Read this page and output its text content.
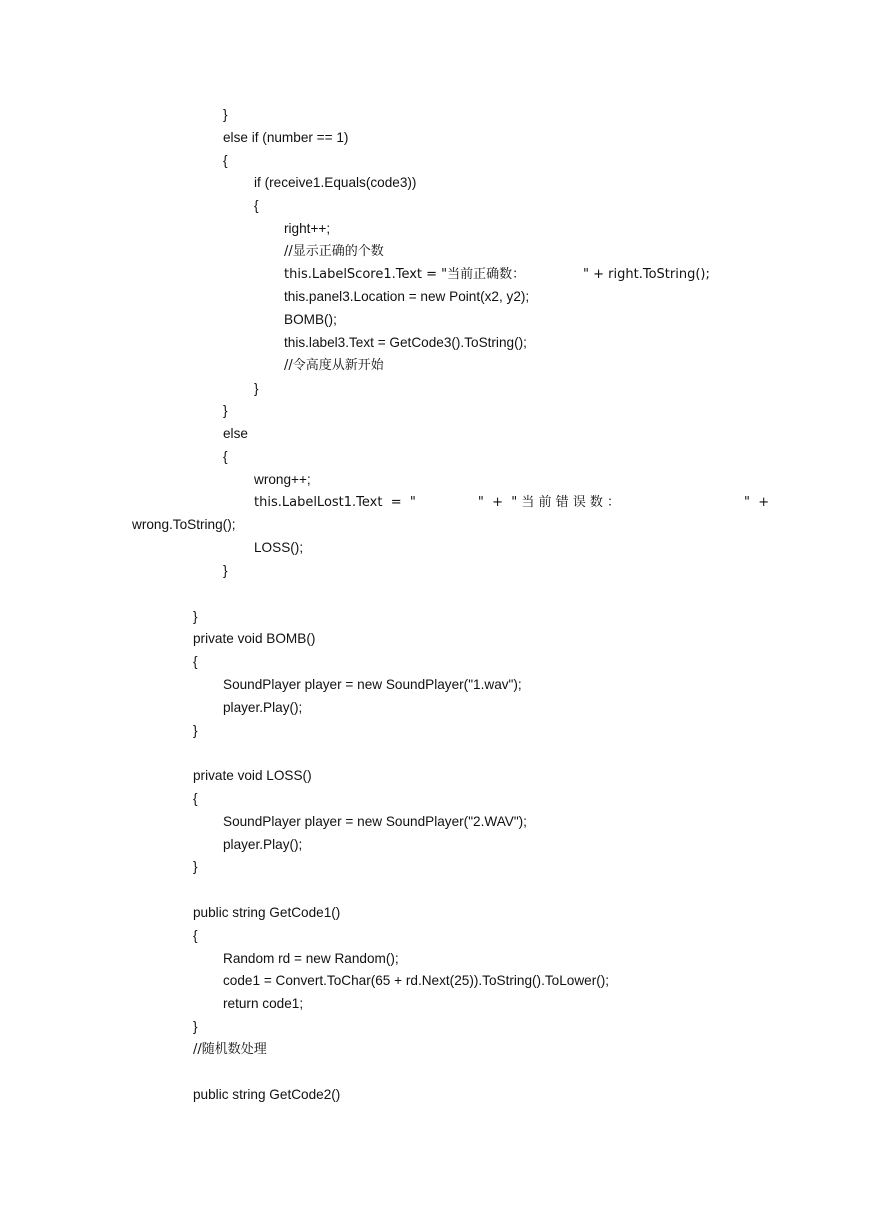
}
else if (number == 1)
{
if (receive1.Equals(code3))
{
right++;
//显示正确的个数
this.LabelScore1.Text = "当前正确数：              " + right.ToString();
this.panel3.Location = new Point(x2, y2);
BOMB();
this.label3.Text = GetCode3().ToString();
//令高度从新开始
}
}
else
{
wrong++;
this.LabelLost1.Text  =  "               "  +  " 当 前 错 误 数 ：                              "  +
wrong.ToString();
LOSS();
}
}
private void BOMB()
{
SoundPlayer player = new SoundPlayer("1.wav");
player.Play();
}
private void LOSS()
{
SoundPlayer player = new SoundPlayer("2.WAV");
player.Play();
}
public string GetCode1()
{
Random rd = new Random();
code1 = Convert.ToChar(65 + rd.Next(25)).ToString().ToLower();
return code1;
}
//随机数处理
public string GetCode2()
